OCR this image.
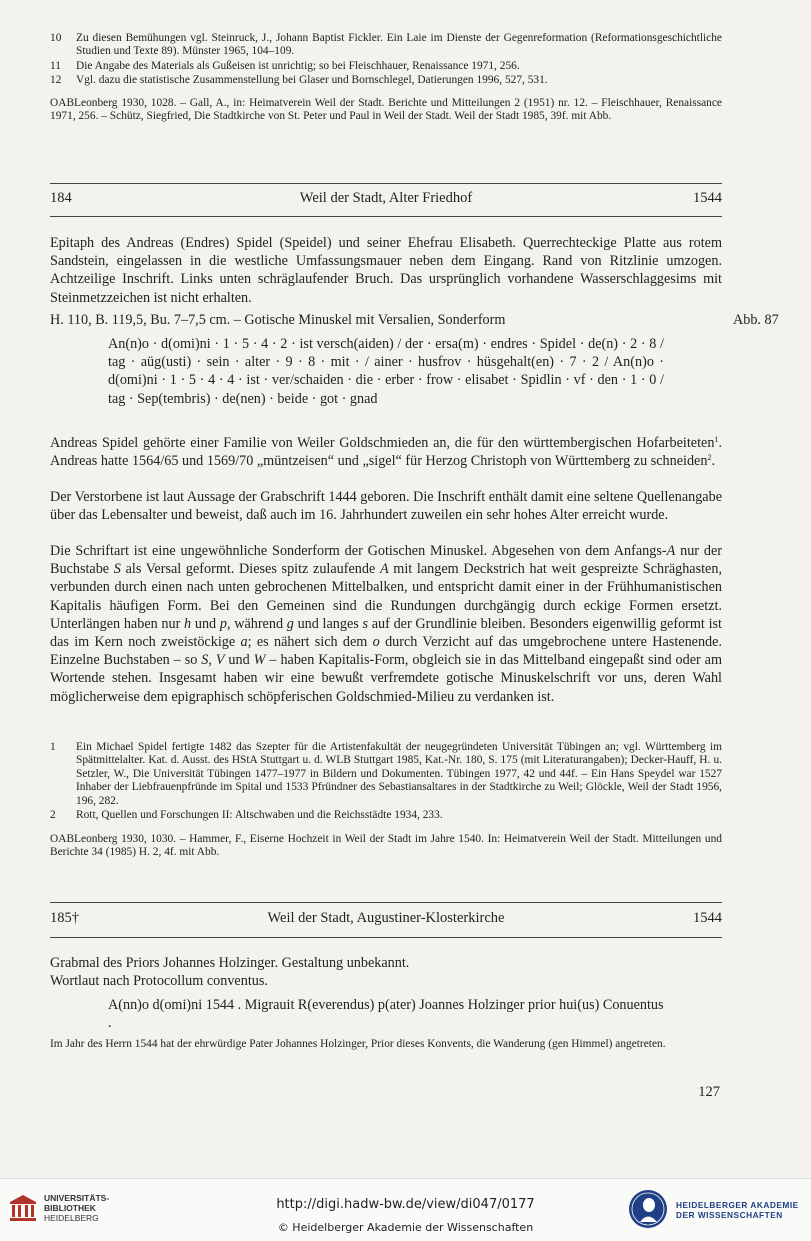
10 Zu diesen Bemühungen vgl. Steinruck, J., Johann Baptist Fickler. Ein Laie im Dienste der Gegenreformation (Reformationsgeschichtliche Studien und Texte 89). Münster 1965, 104–109.
11 Die Angabe des Materials als Gußeisen ist unrichtig; so bei Fleischhauer, Renaissance 1971, 256.
12 Vgl. dazu die statistische Zusammenstellung bei Glaser und Bornschlegel, Datierungen 1996, 527, 531.
OABLeonberg 1930, 1028. – Gall, A., in: Heimatverein Weil der Stadt. Berichte und Mitteilungen 2 (1951) nr. 12. – Fleischhauer, Renaissance 1971, 256. – Schütz, Siegfried, Die Stadtkirche von St. Peter und Paul in Weil der Stadt. Weil der Stadt 1985, 39f. mit Abb.
184	Weil der Stadt, Alter Friedhof	1544
Epitaph des Andreas (Endres) Spidel (Speidel) und seiner Ehefrau Elisabeth. Querrechteckige Platte aus rotem Sandstein, eingelassen in die westliche Umfassungsmauer neben dem Eingang. Rand von Ritzlinie umzogen. Achtzeilige Inschrift. Links unten schräglaufender Bruch. Das ursprünglich vorhandene Wasserschlaggesims mit Steinmetzzeichen ist nicht erhalten.
H. 110, B. 119,5, Bu. 7–7,5 cm. – Gotische Minuskel mit Versalien, Sonderform	Abb. 87
An(n)o · d(omi)ni · 1 · 5 · 4 · 2 · ist versch(aiden) / der · ersa(m) · endres · Spidel · de(n) · 2 · 8 / tag · aüg(usti) · sein · alter · 9 · 8 · mit · / ainer · husfrov · hüsgehalt(en) · 7 · 2 / An(n)o · d(omi)ni · 1 · 5 · 4 · 4 · ist · ver/schaiden · die · erber · frow · elisabet · Spidlin · vf · den · 1 · 0 / tag · Sep(tembris) · de(nen) · beide · got · gnad
Andreas Spidel gehörte einer Familie von Weiler Goldschmieden an, die für den württembergischen Hofarbeiteten$^1$. Andreas hatte 1564/65 und 1569/70 „müntzeisen“ und „sigel“ für Herzog Christoph von Württemberg zu schneiden$^2$.
Der Verstorbene ist laut Aussage der Grabschrift 1444 geboren. Die Inschrift enthält damit eine seltene Quellenangabe über das Lebensalter und beweist, daß auch im 16. Jahrhundert zuweilen ein sehr hohes Alter erreicht wurde.
Die Schriftart ist eine ungewöhnliche Sonderform der Gotischen Minuskel. Abgesehen von dem Anfangs-A nur der Buchstabe S als Versal geformt. Dieses spitz zulaufende A mit langem Deckstrich hat weit gespreizte Schräghasten, verbunden durch einen nach unten gebrochenen Mittelbalken, und entspricht damit einer in der Frühhumanistischen Kapitalis häufigen Form. Bei den Gemeinen sind die Rundungen durchgängig durch eckige Formen ersetzt. Unterlängen haben nur h und p, während g und langes s auf der Grundlinie bleiben. Besonders eigenwillig geformt ist das im Kern noch zweistöckige a; es nähert sich dem o durch Verzicht auf das umgebrochene untere Hastenende. Einzelne Buchstaben – so S, V und W – haben Kapitalis-Form, obgleich sie in das Mittelband eingepaßt sind oder am Wortende stehen. Insgesamt haben wir eine bewußt verfremdete gotische Minuskelschrift vor uns, deren Wahl möglicherweise dem epigraphisch schöpferischen Goldschmied-Milieu zu verdanken ist.
1 Ein Michael Spidel fertigte 1482 das Szepter für die Artistenfakultät der neugegründeten Universität Tübingen an; vgl. Württemberg im Spätmittelalter. Kat. d. Ausst. des HStA Stuttgart u. d. WLB Stuttgart 1985, Kat.-Nr. 180, S. 175 (mit Literaturangaben); Decker-Hauff, H. u. Setzler, W., Die Universität Tübingen 1477–1977 in Bildern und Dokumenten. Tübingen 1977, 42 und 44f. – Ein Hans Speydel war 1527 Inhaber der Liebfrauenpfründe im Spital und 1533 Pfründner des Sebastiansaltares in der Stadtkirche zu Weil; Glöckle, Weil der Stadt 1956, 196, 282.
2 Rott, Quellen und Forschungen II: Altschwaben und die Reichsstädte 1934, 233.
OABLeonberg 1930, 1030. – Hammer, F., Eiserne Hochzeit in Weil der Stadt im Jahre 1540. In: Heimatverein Weil der Stadt. Mitteilungen und Berichte 34 (1985) H. 2, 4f. mit Abb.
185†	Weil der Stadt, Augustiner-Klosterkirche	1544
Grabmal des Priors Johannes Holzinger. Gestaltung unbekannt.
Wortlaut nach Protocollum conventus.
A(nn)o d(omi)ni 1544 . Migrauit R(everendus) p(ater) Joannes Holzinger prior hui(us) Conuentus .
Im Jahr des Herrn 1544 hat der ehrwürdige Pater Johannes Holzinger, Prior dieses Konvents, die Wanderung (gen Himmel) angetreten.
127
UNIVERSITÄTS-
BIBLIOTHEK
HEIDELBERG
http://digi.hadw-bw.de/view/di047/0177
© Heidelberger Akademie der Wissenschaften
HEIDELBERGER AKADEMIE
DER WISSENSCHAFTEN
